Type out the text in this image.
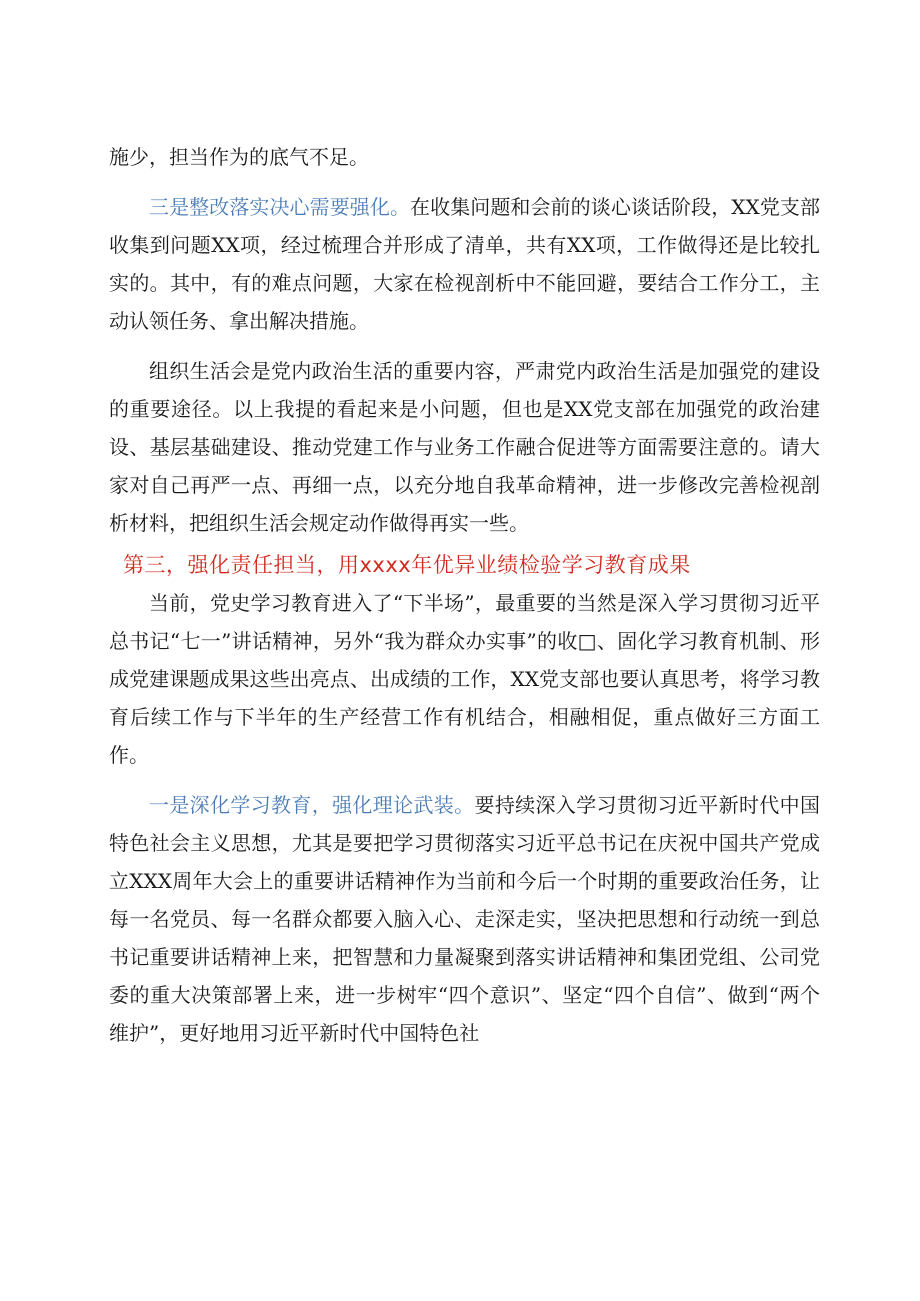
施少，担当作为的底气不足。

三是整改落实决心需要强化。在收集问题和会前的谈心谈话阶段，XX党支部收集到问题XX项，经过梳理合并形成了清单，共有XX项，工作做得还是比较扎实的。其中，有的难点问题，大家在检视剖析中不能回避，要结合工作分工，主动认领任务、拿出解决措施。

组织生活会是党内政治生活的重要内容，严肃党内政治生活是加强党的建设的重要途径。以上我提的看起来是小问题，但也是XX党支部在加强党的政治建设、基层基础建设、推动党建工作与业务工作融合促进等方面需要注意的。请大家对自己再严一点、再细一点，以充分地自我革命精神，进一步修改完善检视剖析材料，把组织生活会规定动作做得再实一些。

第三，强化责任担当，用xxxx年优异业绩检验学习教育成果

当前，党史学习教育进入了“下半场”，最重要的当然是深入学习贯彻习近平总书记“七一”讲话精神，另外“我为群众办实事”的收□、固化学习教育机制、形成党建课题成果这些出亮点、出成绩的工作，XX党支部也要认真思考，将学习教育后续工作与下半年的生产经营工作有机结合，相融相促，重点做好三方面工作。

一是深化学习教育，强化理论武装。要持续深入学习贯彻习近平新时代中国特色社会主义思想，尤其是要把学习贯彻落实习近平总书记在庆祝中国共产党成立XXX周年大会上的重要讲话精神作为当前和今后一个时期的重要政治任务，让每一名党员、每一名群众都要入脑入心、走深走实，坚决把思想和行动统一到总书记重要讲话精神上来，把智慧和力量凝聚到落实讲话精神和集团党组、公司党委的重大决策部署上来，进一步树牢“四个意识”、坚定“四个自信”、做到“两个维护”，更好地用习近平新时代中国特色社
